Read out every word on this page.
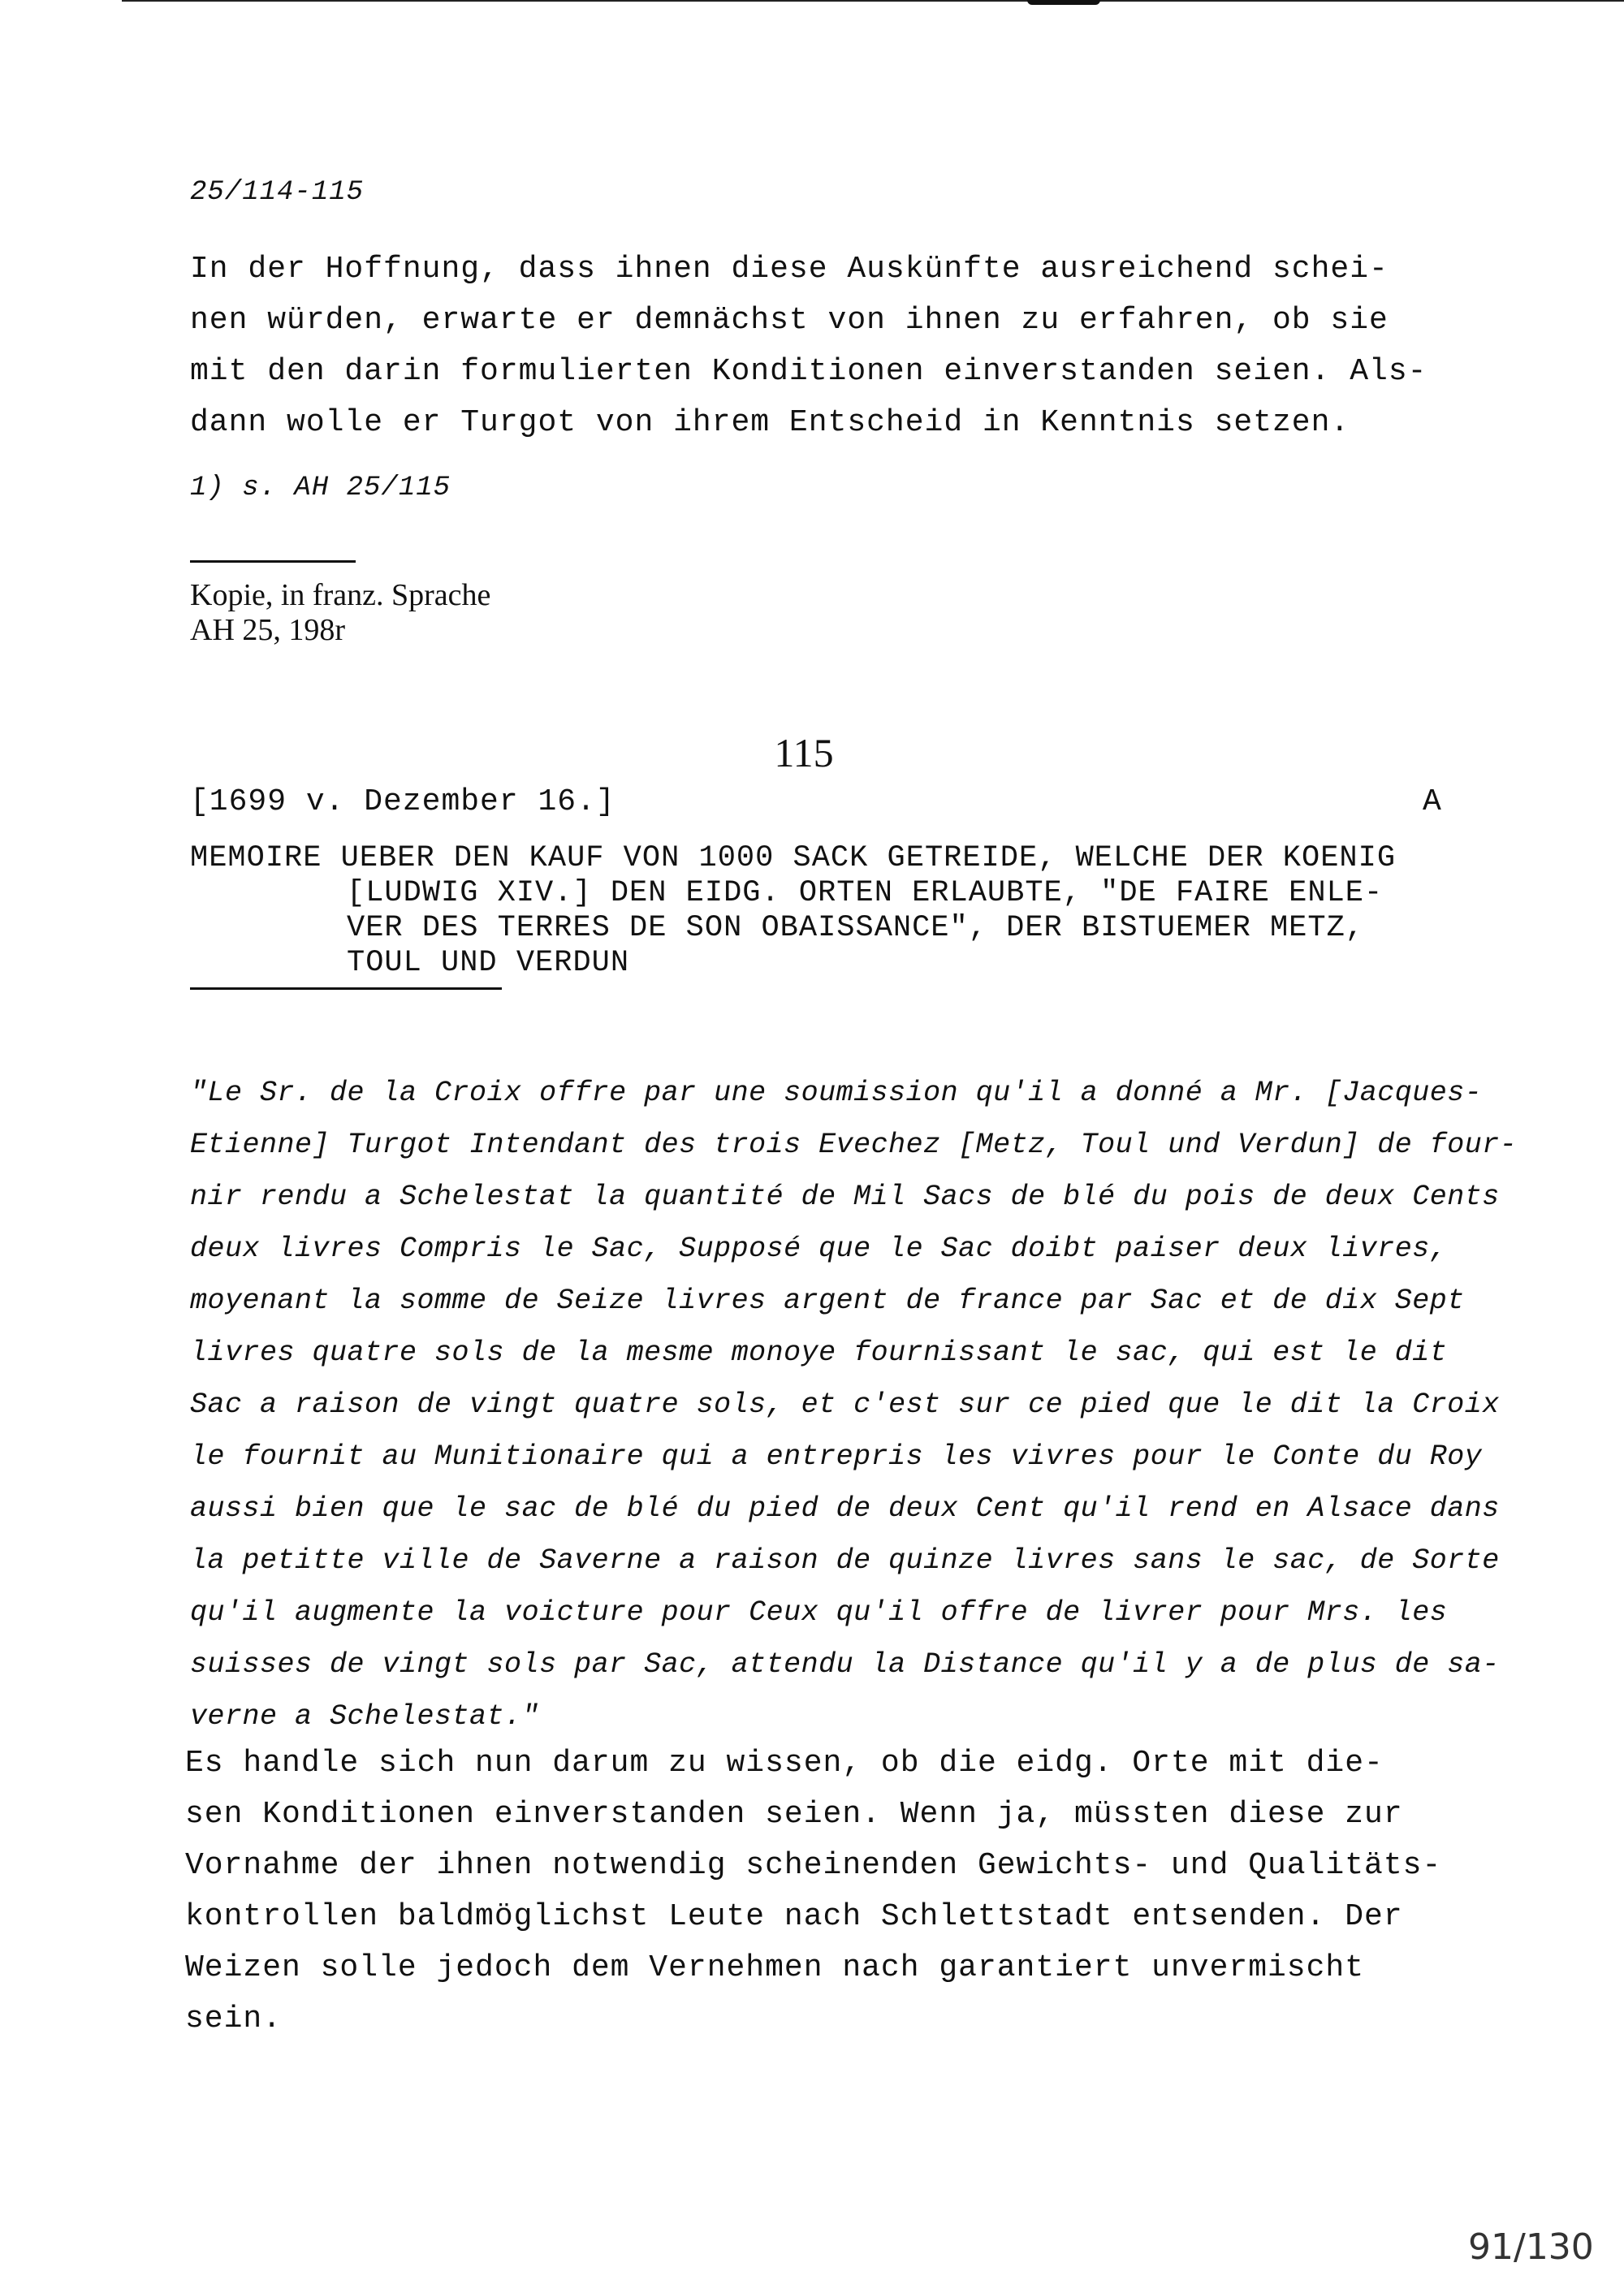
25/114-115
In der Hoffnung, dass ihnen diese Auskünfte ausreichend schei-
nen würden, erwarte er demnächst von ihnen zu erfahren, ob sie
mit den darin formulierten Konditionen einverstanden seien. Als-
dann wolle er Turgot von ihrem Entscheid in Kenntnis setzen.
1) s. AH 25/115
Kopie, in franz. Sprache
AH 25, 198r
115
[1699 v. Dezember 16.]	A
MEMOIRE UEBER DEN KAUF VON 1000 SACK GETREIDE, WELCHE DER KOENIG
[LUDWIG XIV.] DEN EIDG. ORTEN ERLAUBTE, "DE FAIRE ENLE-
VER DES TERRES DE SON OBAISSANCE", DER BISTUEMER METZ,
TOUL UND VERDUN
"Le Sr. de la Croix offre par une soumission qu'il a donné a Mr. [Jacques-
Etienne] Turgot Intendant des trois Evechez [Metz, Toul und Verdun] de four-
nir rendu a Schelestat la quantité de Mil Sacs de blé du pois de deux Cents
deux livres Compris le Sac, Supposé que le Sac doibt paiser deux livres,
moyenant la somme de Seize livres argent de france par Sac et de dix Sept
livres quatre sols de la mesme monoye fournissant le sac, qui est le dit
Sac a raison de vingt quatre sols, et c'est sur ce pied que le dit la Croix
le fournit au Munitionaire qui a entrepris les vivres pour le Conte du Roy
aussi bien que le sac de blé du pied de deux Cent qu'il rend en Alsace dans
la petitte ville de Saverne a raison de quinze livres sans le sac, de Sorte
qu'il augmente la voicture pour Ceux qu'il offre de livrer pour Mrs. les
suisses de vingt sols par Sac, attendu la Distance qu'il y a de plus de sa-
verne a Schelestat."
Es handle sich nun darum zu wissen, ob die eidg. Orte mit die-
sen Konditionen einverstanden seien. Wenn ja, müssten diese zur
Vornahme der ihnen notwendig scheinenden Gewichts- und Qualitäts-
kontrollen baldmöglichst Leute nach Schlettstadt entsenden. Der
Weizen solle jedoch dem Vernehmen nach garantiert unvermischt
sein.
91/130
